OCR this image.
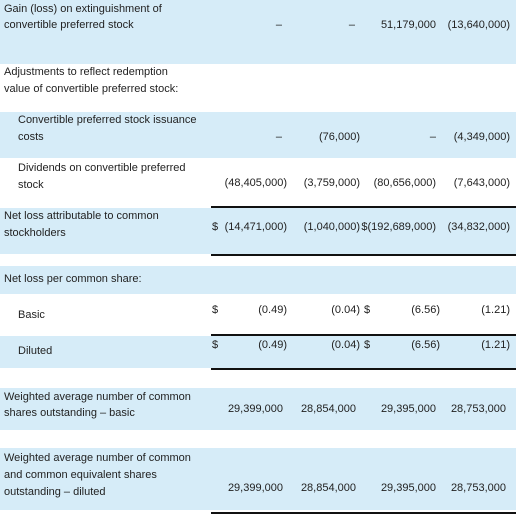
Gain (loss) on extinguishment of
convertible preferred stock	–	– 51,179,000 (13,640,000)
Adjustments to reflect redemption
value of convertible preferred stock:
Convertible preferred stock issuance
costs	–	(76,000)	– (4,349,000)
Dividends on convertible preferred
stock	(48,405,000) (3,759,000) (80,656,000) (7,643,000)
Net loss attributable to common
stockholders	$ (14,471,000) (1,040,000) $(192,689,000) (34,832,000)
Net loss per common share:
Basic	$	(0.49)	(0.04) $	(6.56)	(1.21)
Diluted	$	(0.49)	(0.04) $	(6.56)	(1.21)
Weighted average number of common
shares outstanding – basic	29,399,000 28,854,000 29,395,000 28,753,000
Weighted average number of common
and common equivalent shares
outstanding – diluted	29,399,000 28,854,000 29,395,000 28,753,000
